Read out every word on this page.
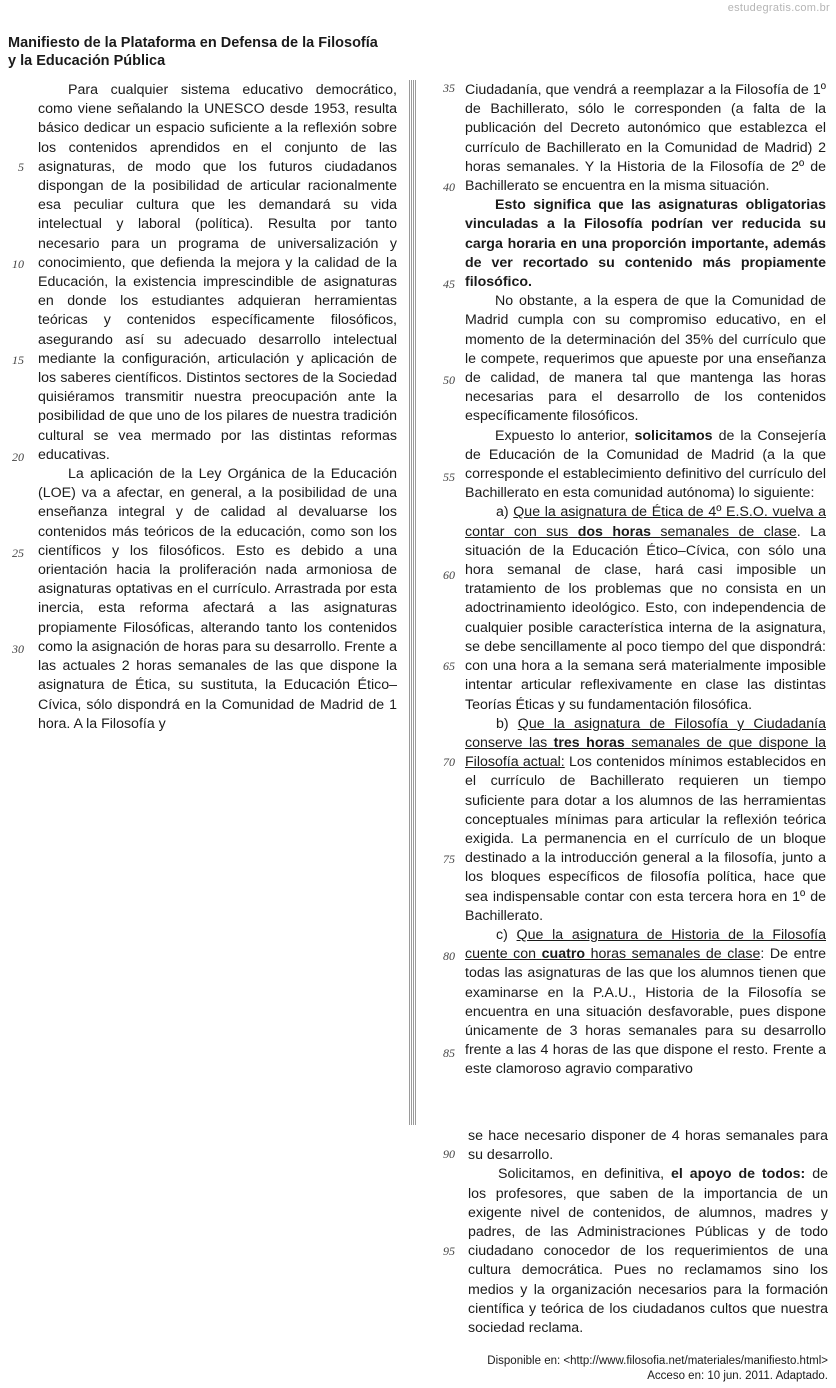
estudegratis.com.br
Manifiesto de la Plataforma en Defensa de la Filosofía
y la Educación Pública

Para cualquier sistema educativo democrático, como viene señalando la UNESCO desde 1953, resulta básico dedicar un espacio suficiente a la reflexión sobre los contenidos aprendidos en el conjunto de las asignaturas, de modo que los futuros ciudadanos dispongan de la posibilidad de articular racionalmente esa peculiar cultura que les demandará su vida intelectual y laboral (política). Resulta por tanto necesario para un programa de universalización y conocimiento, que defienda la mejora y la calidad de la Educación, la existencia imprescindible de asignaturas en donde los estudiantes adquieran herramientas teóricas y contenidos específicamente filosóficos, asegurando así su adecuado desarrollo intelectual mediante la configuración, articulación y aplicación de los saberes científicos. Distintos sectores de la Sociedad quisiéramos transmitir nuestra preocupación ante la posibilidad de que uno de los pilares de nuestra tradición cultural se vea mermado por las distintas reformas educativas.

La aplicación de la Ley Orgánica de la Educación (LOE) va a afectar, en general, a la posibilidad de una enseñanza integral y de calidad al devaluarse los contenidos más teóricos de la educación, como son los científicos y los filosóficos. Esto es debido a una orientación hacia la proliferación nada armoniosa de asignaturas optativas en el currículo. Arrastrada por esta inercia, esta reforma afectará a las asignaturas propiamente Filosóficas, alterando tanto los contenidos como la asignación de horas para su desarrollo. Frente a las actuales 2 horas semanales de las que dispone la asignatura de Ética, su sustituta, la Educación Ético–Cívica, sólo dispondrá en la Comunidad de Madrid de 1 hora. A la Filosofía y

Ciudadanía, que vendrá a reemplazar a la Filosofía de 1º de Bachillerato, sólo le corresponden (a falta de la publicación del Decreto autonómico que establezca el currículo de Bachillerato en la Comunidad de Madrid) 2 horas semanales. Y la Historia de la Filosofía de 2º de Bachillerato se encuentra en la misma situación.

Esto significa que las asignaturas obligatorias vinculadas a la Filosofía podrían ver reducida su carga horaria en una proporción importante, además de ver recortado su contenido más propiamente filosófico.

No obstante, a la espera de que la Comunidad de Madrid cumpla con su compromiso educativo, en el momento de la determinación del 35% del currículo que le compete, requerimos que apueste por una enseñanza de calidad, de manera tal que mantenga las horas necesarias para el desarrollo de los contenidos específicamente filosóficos.

Expuesto lo anterior, solicitamos de la Consejería de Educación de la Comunidad de Madrid (a la que corresponde el establecimiento definitivo del currículo del Bachillerato en esta comunidad autónoma) lo siguiente:

a) Que la asignatura de Ética de 4º E.S.O. vuelva a contar con sus dos horas semanales de clase. La situación de la Educación Ético–Cívica, con sólo una hora semanal de clase, hará casi imposible un tratamiento de los problemas que no consista en un adoctrinamiento ideológico. Esto, con independencia de cualquier posible característica interna de la asignatura, se debe sencillamente al poco tiempo del que dispondrá: con una hora a la semana será materialmente imposible intentar articular reflexivamente en clase las distintas Teorías Éticas y su fundamentación filosófica.

b) Que la asignatura de Filosofía y Ciudadanía conserve las tres horas semanales de que dispone la Filosofía actual: Los contenidos mínimos establecidos en el currículo de Bachillerato requieren un tiempo suficiente para dotar a los alumnos de las herramientas conceptuales mínimas para articular la reflexión teórica exigida. La permanencia en el currículo de un bloque destinado a la introducción general a la filosofía, junto a los bloques específicos de filosofía política, hace que sea indispensable contar con esta tercera hora en 1º de Bachillerato.

c) Que la asignatura de Historia de la Filosofía cuente con cuatro horas semanales de clase: De entre todas las asignaturas de las que los alumnos tienen que examinarse en la P.A.U., Historia de la Filosofía se encuentra en una situación desfavorable, pues dispone únicamente de 3 horas semanales para su desarrollo frente a las 4 horas de las que dispone el resto. Frente a este clamoroso agravio comparativo

se hace necesario disponer de 4 horas semanales para su desarrollo.

Solicitamos, en definitiva, el apoyo de todos: de los profesores, que saben de la importancia de un exigente nivel de contenidos, de alumnos, madres y padres, de las Administraciones Públicas y de todo ciudadano conocedor de los requerimientos de una cultura democrática. Pues no reclamamos sino los medios y la organización necesarios para la formación científica y teórica de los ciudadanos cultos que nuestra sociedad reclama.

5
10
15
20
25
30
35
40
45
50
55
60
65
70
75
80
85
90
95
Disponible en: <http://www.filosofia.net/materiales/manifiesto.html>
Acceso en: 10 jun. 2011. Adaptado.
